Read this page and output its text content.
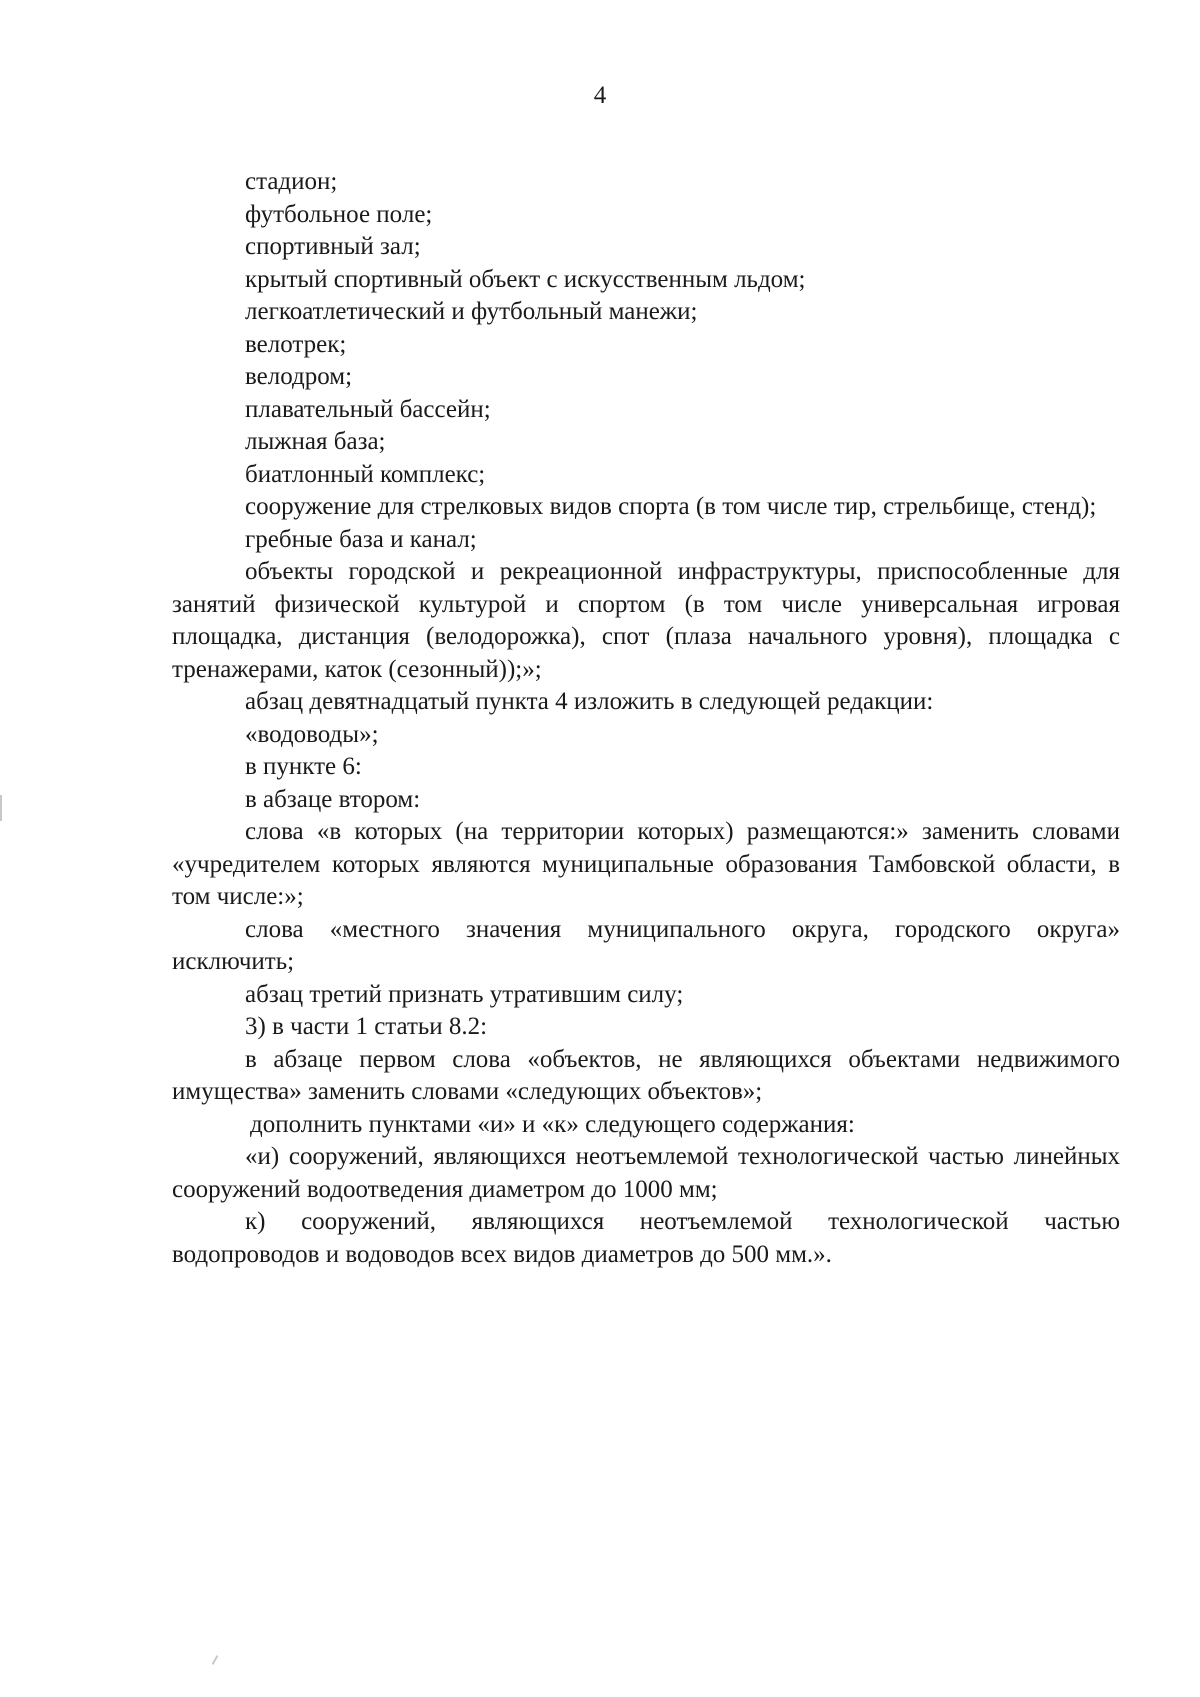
4

стадион;

футбольное поле;

спортивный зал;

крытый спортивный объект с искусственным льдом;

легкоатлетический и футбольный манежи;

велотрек;

велодром;

плавательный бассейн;

лыжная база;

биатлонный комплекс;

сооружение для стрелковых видов спорта (в том числе тир, стрельбище, стенд);

гребные база и канал;

объекты городской и рекреационной инфраструктуры, приспособленные для занятий физической культурой и спортом (в том числе универсальная игровая площадка, дистанция (велодорожка), спот (плаза начального уровня), площадка с тренажерами, каток (сезонный));»;

абзац девятнадцатый пункта 4 изложить в следующей редакции:

«водоводы»;

в пункте 6:

в абзаце втором:

слова «в которых (на территории которых) размещаются:» заменить словами «учредителем которых являются муниципальные образования Тамбовской области, в том числе:»;

слова «местного значения муниципального округа, городского округа» исключить;

абзац третий признать утратившим силу;

3) в части 1 статьи 8.2:

в абзаце первом слова «объектов, не являющихся объектами недвижимого имущества» заменить словами «следующих объектов»;

дополнить пунктами «и» и «к» следующего содержания:

«и) сооружений, являющихся неотъемлемой технологической частью линейных сооружений водоотведения диаметром до 1000 мм;

к) сооружений, являющихся неотъемлемой технологической частью водопроводов и водоводов всех видов диаметров до 500 мм.».
